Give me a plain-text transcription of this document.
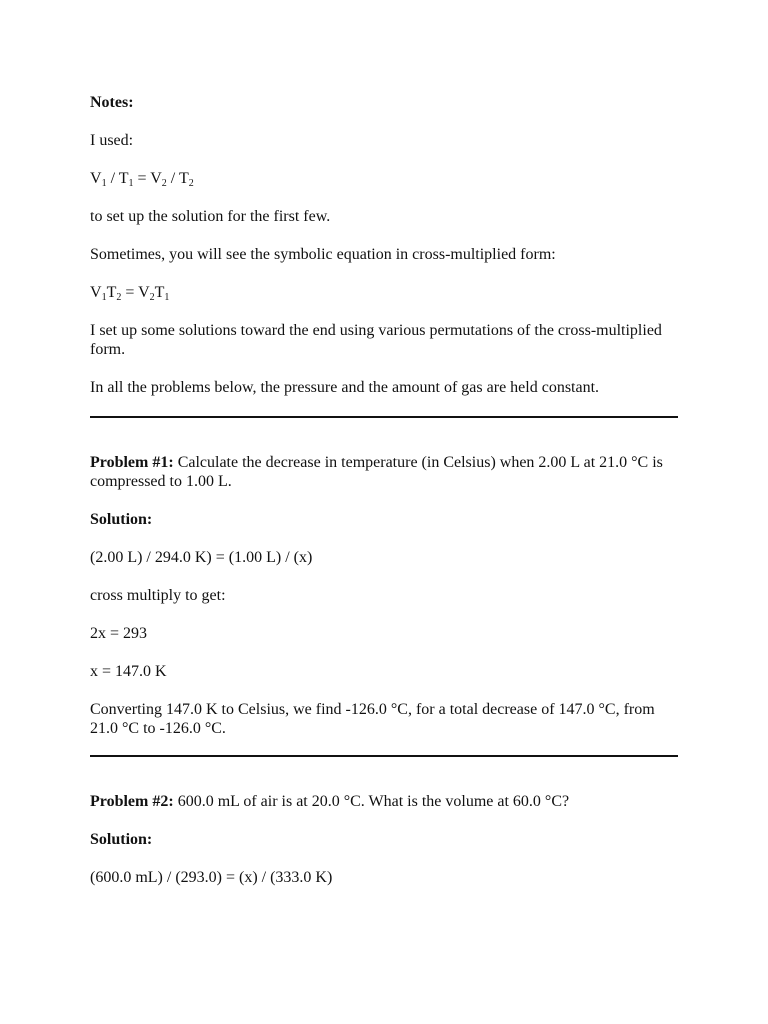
Notes:

I used:

$V_1 / T_1 = V_2 / T_2$

to set up the solution for the first few.

Sometimes, you will see the symbolic equation in cross-multiplied form:

$V_1T_2 = V_2T_1$

I set up some solutions toward the end using various permutations of the cross-multiplied form.

In all the problems below, the pressure and the amount of gas are held constant.

Problem #1: Calculate the decrease in temperature (in Celsius) when 2.00 L at 21.0 °C is compressed to 1.00 L.

Solution:

(2.00 L) / 294.0 K) = (1.00 L) / (x)

cross multiply to get:

2x = 293

x = 147.0 K

Converting 147.0 K to Celsius, we find -126.0 °C, for a total decrease of 147.0 °C, from 21.0 °C to -126.0 °C.

Problem #2: 600.0 mL of air is at 20.0 °C. What is the volume at 60.0 °C?

Solution:

(600.0 mL) / (293.0) = (x) / (333.0 K)
